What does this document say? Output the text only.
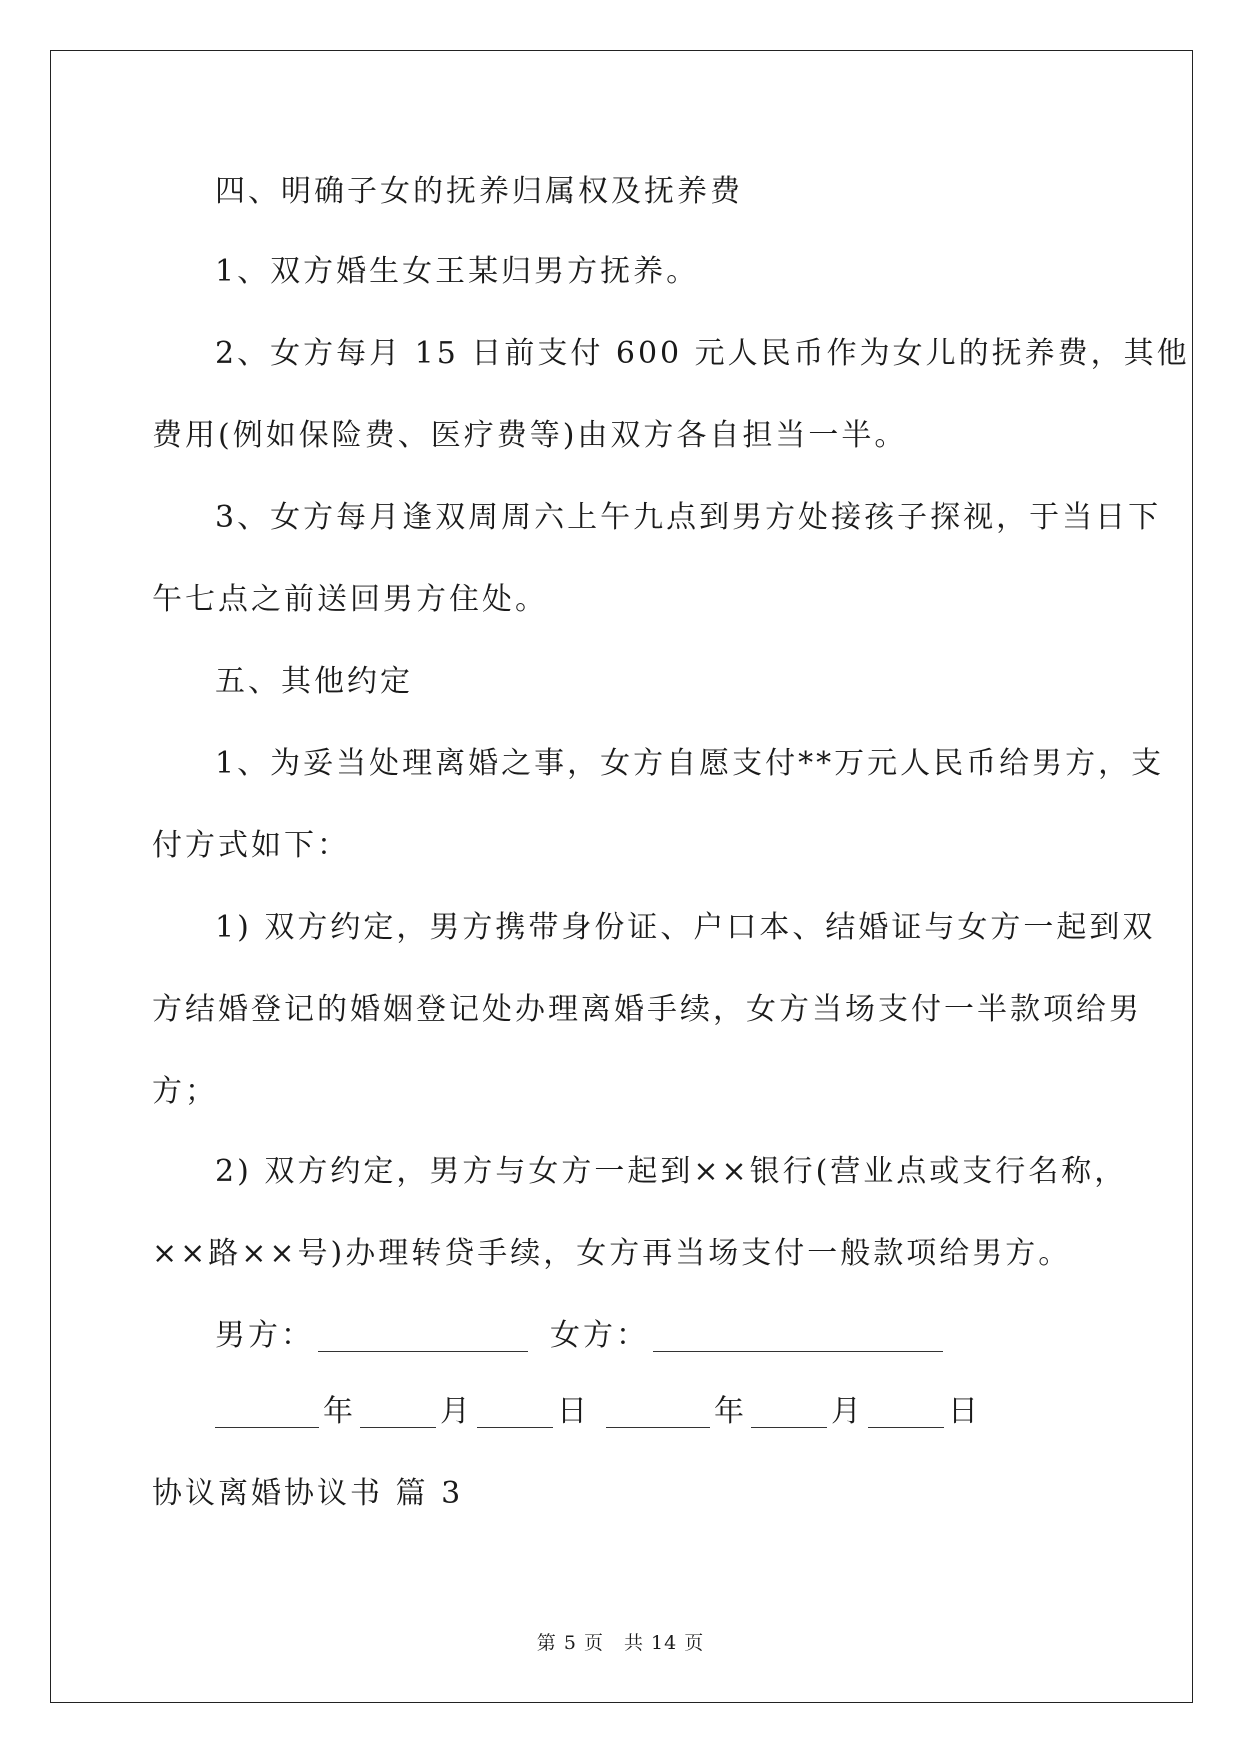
四、明确子女的抚养归属权及抚养费
1、双方婚生女王某归男方抚养。
2、女方每月 15 日前支付 600 元人民币作为女儿的抚养费，其他
费用(例如保险费、医疗费等)由双方各自担当一半。
3、女方每月逢双周周六上午九点到男方处接孩子探视，于当日下
午七点之前送回男方住处。
五、其他约定
1、为妥当处理离婚之事，女方自愿支付**万元人民币给男方，支
付方式如下：
1) 双方约定，男方携带身份证、户口本、结婚证与女方一起到双
方结婚登记的婚姻登记处办理离婚手续，女方当场支付一半款项给男
方；
2) 双方约定，男方与女方一起到××银行(营业点或支行名称，
××路××号)办理转贷手续，女方再当场支付一般款项给男方。
男方：	女方：
年	月	日	年	月	日
协议离婚协议书 篇 3
第 5 页 共 14 页
